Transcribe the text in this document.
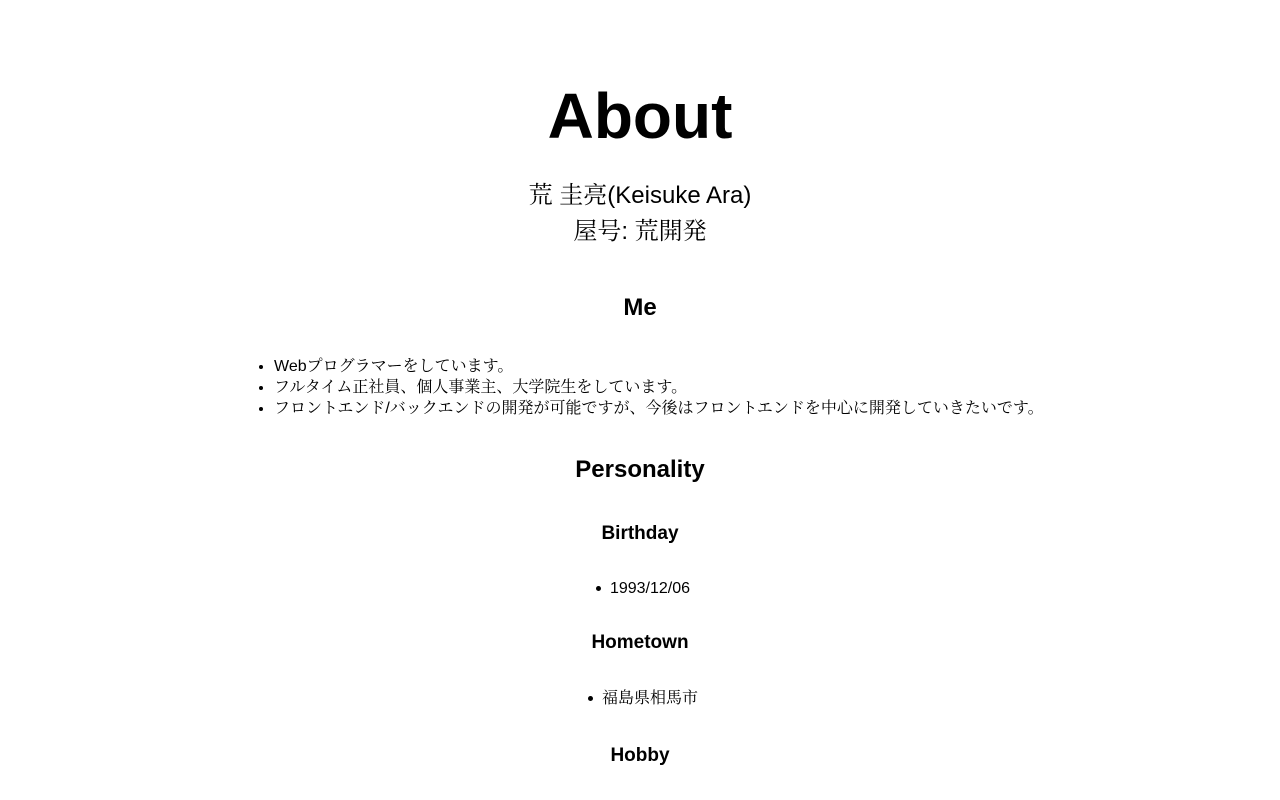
About
荒 圭亮(Keisuke Ara)
屋号: 荒開発
Me
• Webプログラマーをしています。
• フルタイム正社員、個人事業主、大学院生をしています。
• フロントエンド/バックエンドの開発が可能ですが、今後はフロントエンドを中心に開発していきたいです。
Personality
Birthday
1993/12/06
Hometown
福島県相馬市
Hobby
